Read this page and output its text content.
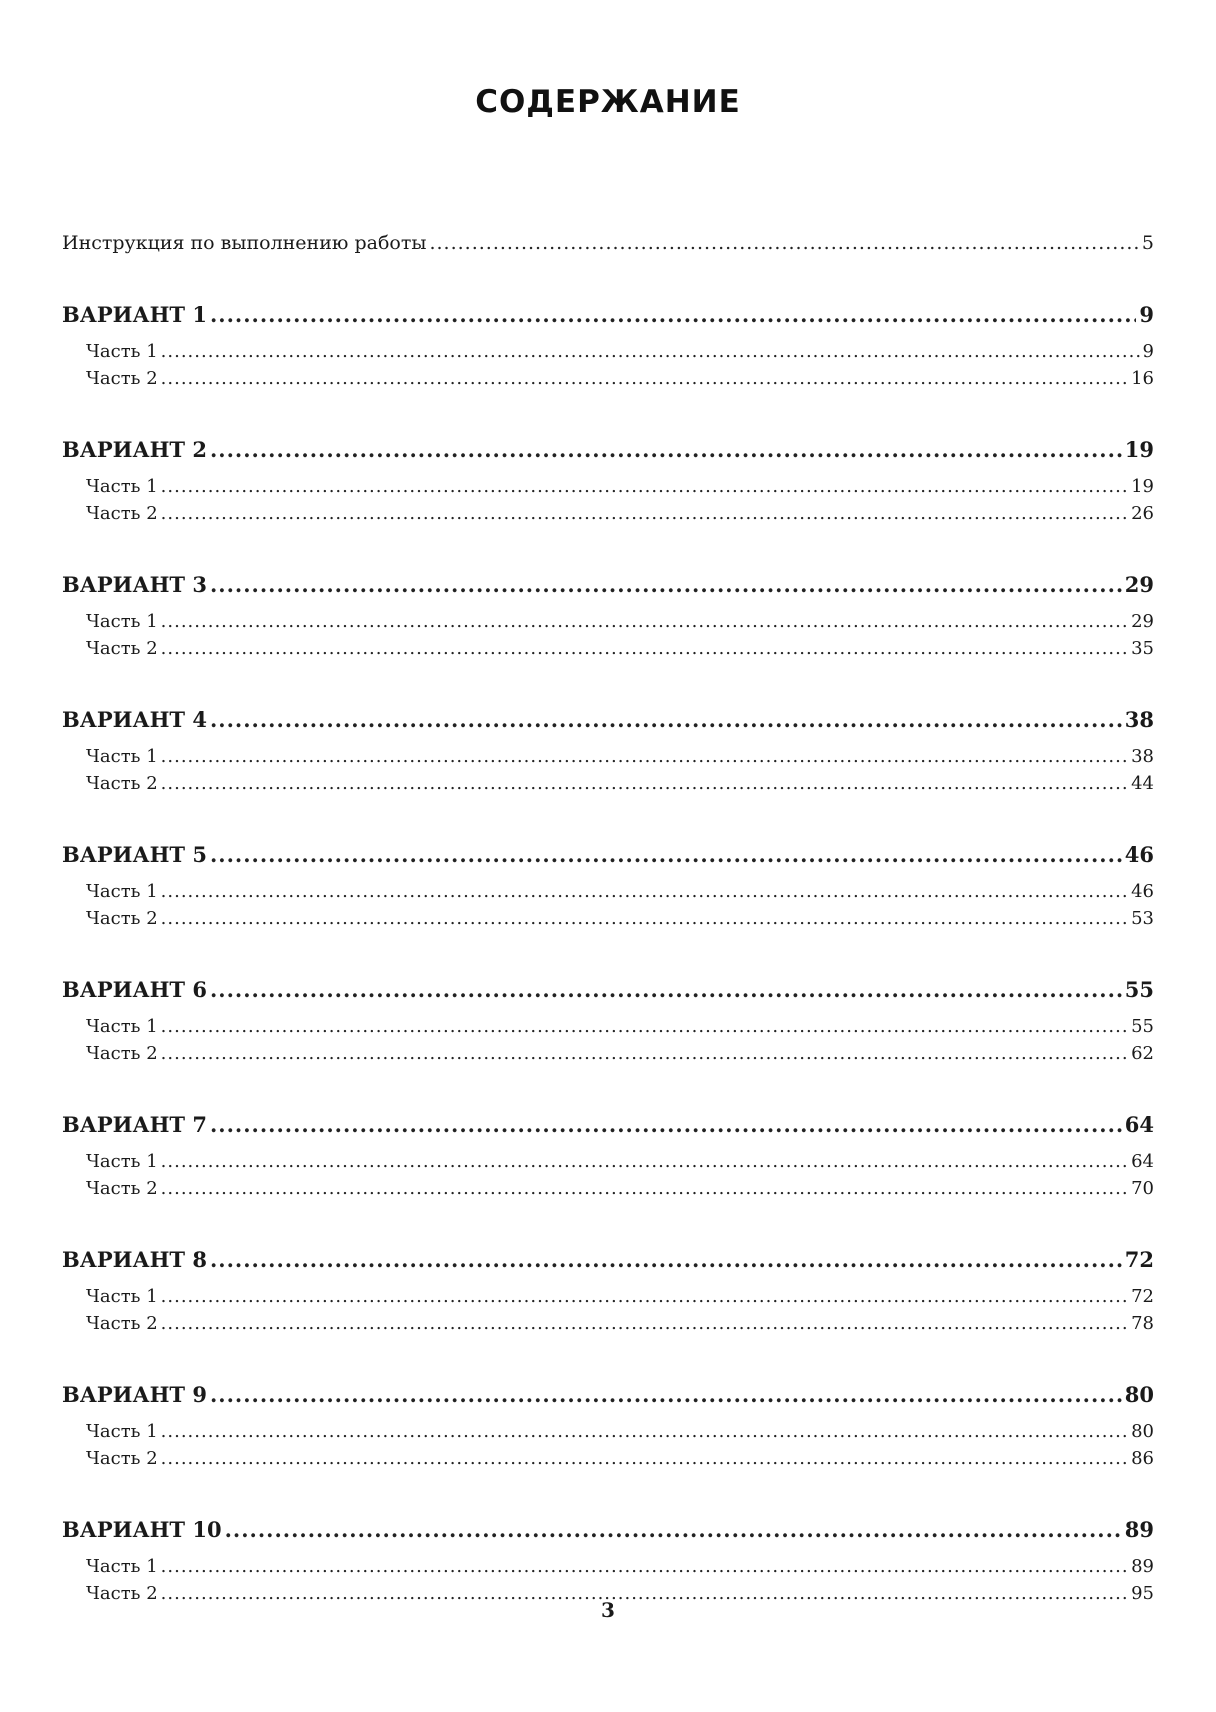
СОДЕРЖАНИЕ
Инструкция по выполнению работы .....	5
ВАРИАНТ 1 .....	9
Часть 1 .....	9
Часть 2 .....	16
ВАРИАНТ 2 .....	19
Часть 1 .....	19
Часть 2 .....	26
ВАРИАНТ 3 .....	29
Часть 1 .....	29
Часть 2 .....	35
ВАРИАНТ 4 .....	38
Часть 1 .....	38
Часть 2 .....	44
ВАРИАНТ 5 .....	46
Часть 1 .....	46
Часть 2 .....	53
ВАРИАНТ 6 .....	55
Часть 1 .....	55
Часть 2 .....	62
ВАРИАНТ 7 .....	64
Часть 1 .....	64
Часть 2 .....	70
ВАРИАНТ 8 .....	72
Часть 1 .....	72
Часть 2 .....	78
ВАРИАНТ 9 .....	80
Часть 1 .....	80
Часть 2 .....	86
ВАРИАНТ 10 .....	89
Часть 1 .....	89
Часть 2 .....	95
3
